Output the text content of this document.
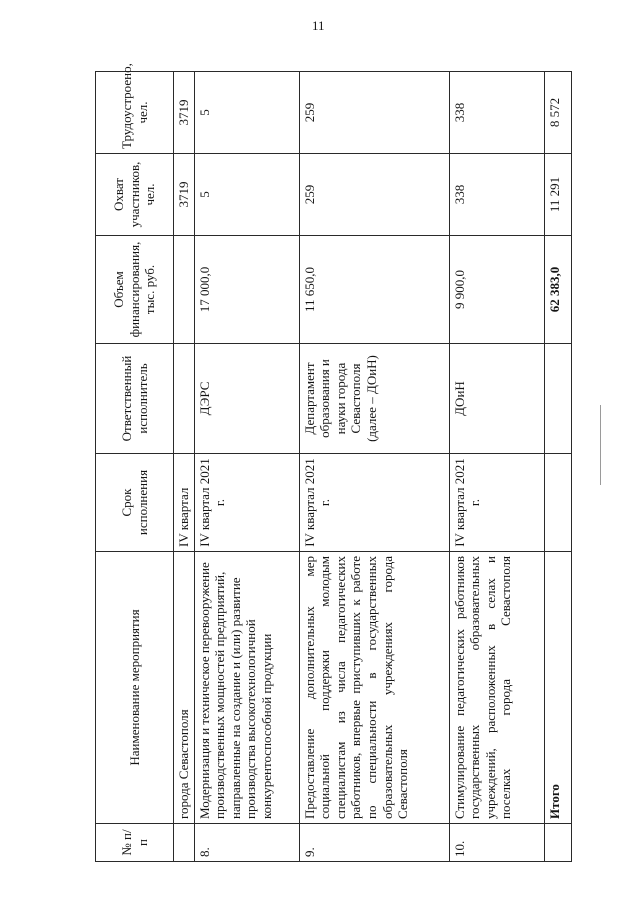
11
№ п/п	Наименование мероприятия	Срок исполнения	Ответственный исполнитель	Объем финансирования, тыс. руб.	Охват участников, чел.	Трудоустроено, чел.
	города Севастополя	IV квартал			3719	3719
8.	Модернизация и техническое перевооружение производственных мощностей предприятий, направленные на создание и (или) развитие производства высокотехнологичной конкурентоспособной продукции	IV квартал 2021 г.	ДЭРС	17 000,0	5	5
9.	Предоставление дополнительных мер социальной поддержки молодым специалистам из числа педагогических работников, впервые приступивших к работе по специальности в государственных образовательных учреждениях города Севастополя	IV квартал 2021 г.	Департамент образования и науки города Севастополя (далее – ДОиН)	11 650,0	259	259
10.	Стимулирование педагогических работников государственных образовательных учреждений, расположенных в селах и поселках города Севастополя	IV квартал 2021 г.	ДОиН	9 900,0	338	338
	Итого			62 383,0	11 291	8 572
